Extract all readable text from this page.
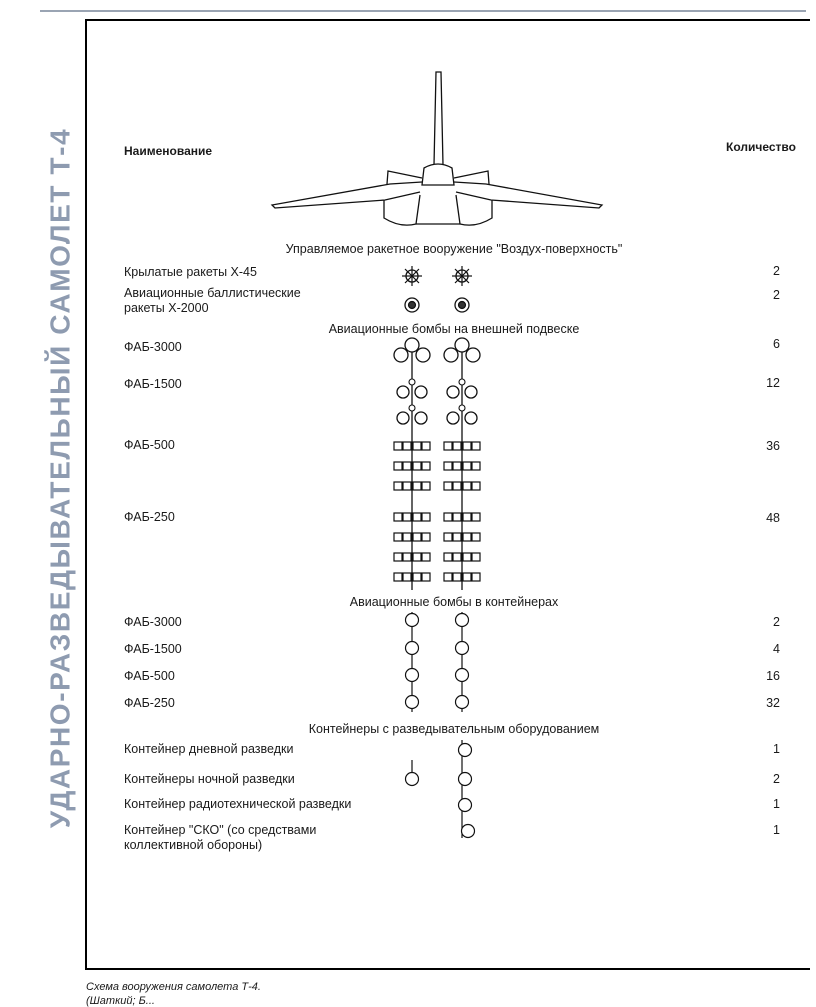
УДАРНО-РАЗВЕДЫВАТЕЛЬНЫЙ САМОЛЕТ Т-4	Наименование	Количество
Управляемое ракетное вооружение "Воздух-поверхность"
Авиационные бомбы на внешней подвеске
Авиационные бомбы в контейнерах
Контейнеры с разведывательным оборудованием
Крылатые ракеты Х-45	2
Авиационные баллистические
ракеты Х-2000
2
ФАБ-3000	6
ФАБ-1500	12
ФАБ-500	36
ФАБ-250	48
ФАБ-3000	2
ФАБ-1500	4
ФАБ-500	16
ФАБ-250	32
Контейнер дневной разведки	1
Контейнеры ночной разведки	2
Контейнер радиотехнической разведки	1
Контейнер "СКО" (со средствами
коллективной обороны)
1
Схема вооружения самолета Т-4.
(Шаткий; Б...
